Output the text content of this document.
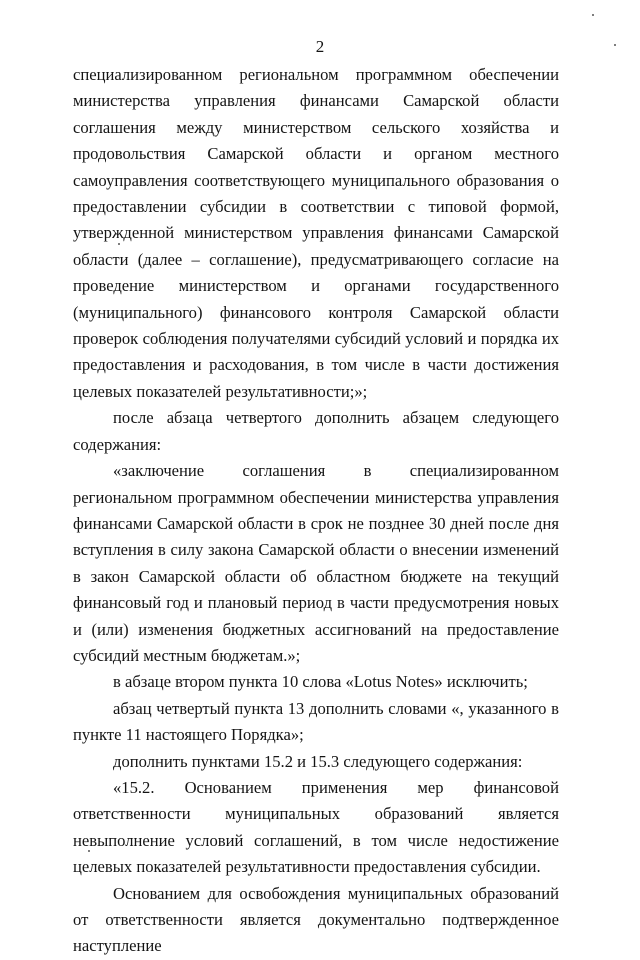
2

специализированном региональном программном обеспечении министерства управления финансами Самарской области соглашения между министерством сельского хозяйства и продовольствия Самарской области и органом местного самоуправления соответствующего муниципального образования о предоставлении субсидии в соответствии с типовой формой, утвержденной министерством управления финансами Самарской области (далее – соглашение), предусматривающего согласие на проведение министерством и органами государственного (муниципального) финансового контроля Самарской области проверок соблюдения получателями субсидий условий и порядка их предоставления и расходования, в том числе в части достижения целевых показателей результативности;»;

после абзаца четвертого дополнить абзацем следующего содержания:

«заключение соглашения в специализированном региональном программном обеспечении министерства управления финансами Самарской области в срок не позднее 30 дней после дня вступления в силу закона Самарской области о внесении изменений в закон Самарской области об областном бюджете на текущий финансовый год и плановый период в части предусмотрения новых и (или) изменения бюджетных ассигнований на предоставление субсидий местным бюджетам.»;

в абзаце втором пункта 10 слова «Lotus Notes» исключить;

абзац четвертый пункта 13 дополнить словами «, указанного в пункте 11 настоящего Порядка»;

дополнить пунктами 15.2 и 15.3 следующего содержания:

«15.2. Основанием применения мер финансовой ответственности муниципальных образований является невыполнение условий соглашений, в том числе недостижение целевых показателей результативности предоставления субсидии.

Основанием для освобождения муниципальных образований от ответственности является документально подтвержденное наступление
